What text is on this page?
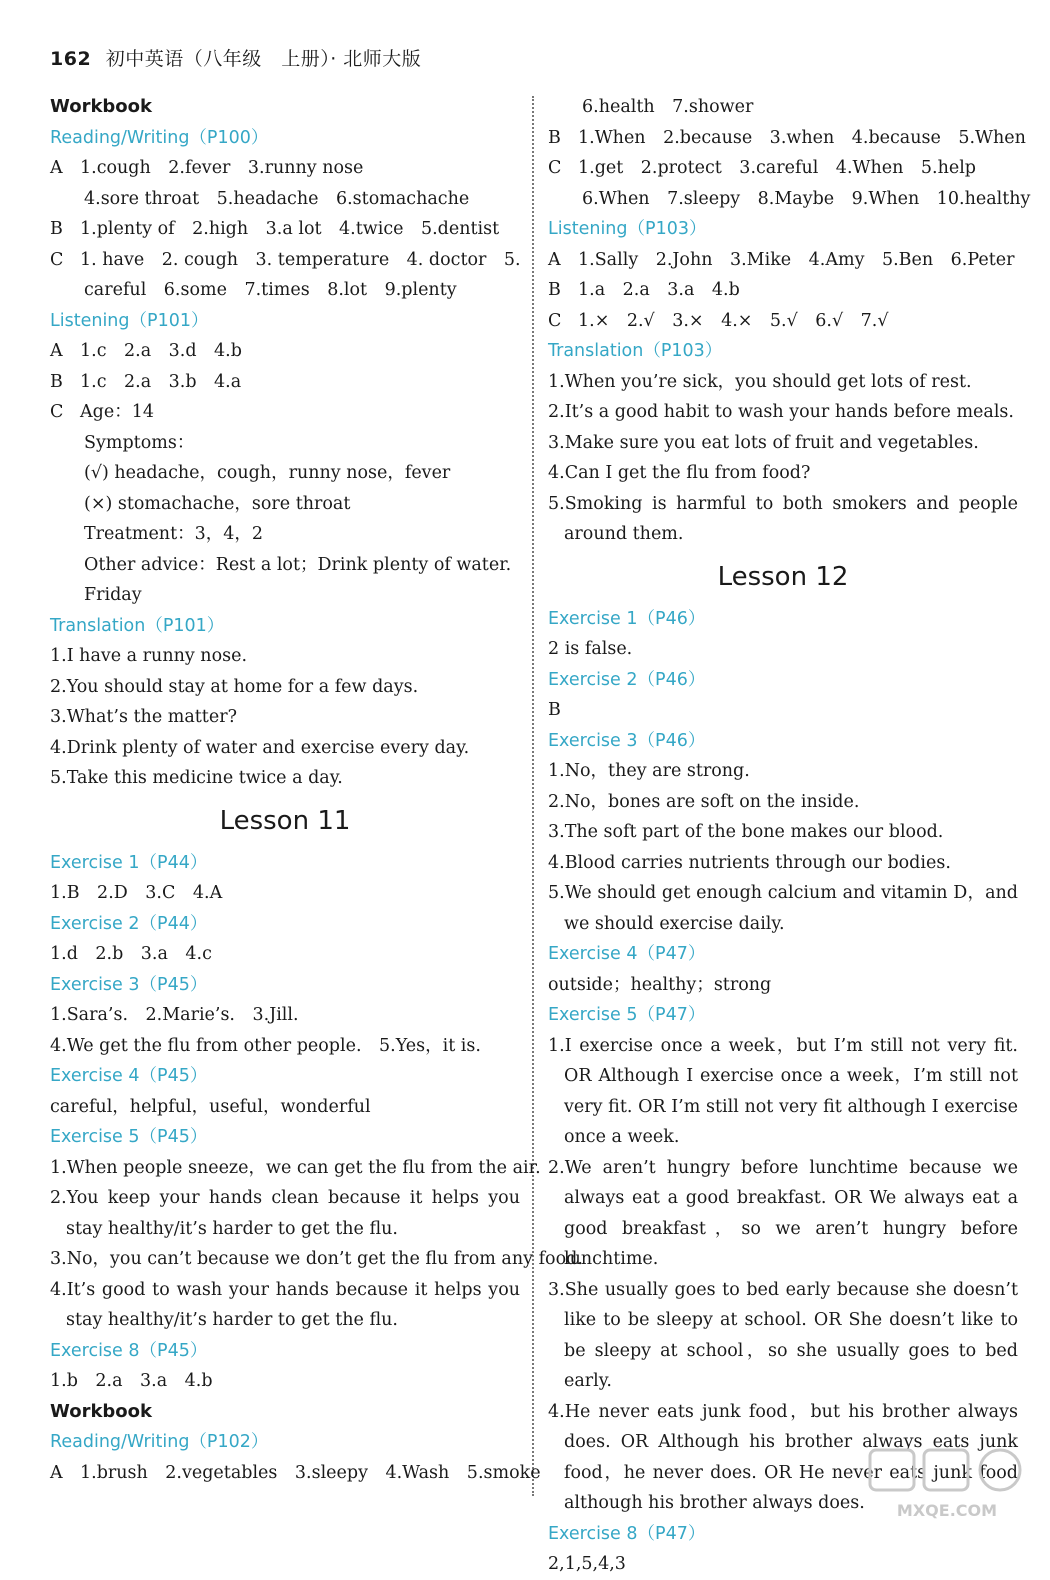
162 初中英语（八年级　上册）· 北师大版
Workbook
Reading/Writing（P100）
A 1.cough　2.fever　3.runny nose
4.sore throat　5.headache　6.stomachache
B 1.plenty of　2.high　3.a lot　4.twice　5.dentist
C 1. have　2. cough　3. temperature　4. doctor　5.
careful　6.some　7.times　8.lot　9.plenty
Listening（P101）
A 1.c　2.a　3.d　4.b
B 1.c　2.a　3.b　4.a
C Age：14
Symptoms：
(√) headache，cough，runny nose，fever
(×) stomachache，sore throat
Treatment：3，4，2
Other advice：Rest a lot；Drink plenty of water.
Friday
Translation（P101）
1.I have a runny nose.
2.You should stay at home for a few days.
3.What’s the matter?
4.Drink plenty of water and exercise every day.
5.Take this medicine twice a day.
Lesson 11
Exercise 1（P44）
1.B　2.D　3.C　4.A
Exercise 2（P44）
1.d　2.b　3.a　4.c
Exercise 3（P45）
1.Sara’s.　2.Marie’s.　3.Jill.
4.We get the flu from other people.　5.Yes，it is.
Exercise 4（P45）
careful，helpful，useful，wonderful
Exercise 5（P45）
1.When people sneeze，we can get the flu from the air.
2.You keep your hands clean because it helps you stay healthy/it’s harder to get the flu.
3.No，you can’t because we don’t get the flu from any food.
4.It’s good to wash your hands because it helps you stay healthy/it’s harder to get the flu.
Exercise 8（P45）
1.b　2.a　3.a　4.b
Workbook
Reading/Writing（P102）
A 1.brush　2.vegetables　3.sleepy　4.Wash　5.smoke
6.health　7.shower
B 1.When　2.because　3.when　4.because　5.When
C 1.get　2.protect　3.careful　4.When　5.help
6.When　7.sleepy　8.Maybe　9.When　10.healthy
Listening（P103）
A 1.Sally　2.John　3.Mike　4.Amy　5.Ben　6.Peter
B 1.a　2.a　3.a　4.b
C 1.×　2.√　3.×　4.×　5.√　6.√　7.√
Translation（P103）
1.When you’re sick，you should get lots of rest.
2.It’s a good habit to wash your hands before meals.
3.Make sure you eat lots of fruit and vegetables.
4.Can I get the flu from food?
5.Smoking is harmful to both smokers and people around them.
Lesson 12
Exercise 1（P46）
2 is false.
Exercise 2（P46）
B
Exercise 3（P46）
1.No，they are strong.
2.No，bones are soft on the inside.
3.The soft part of the bone makes our blood.
4.Blood carries nutrients through our bodies.
5.We should get enough calcium and vitamin D，and we should exercise daily.
Exercise 4（P47）
outside；healthy；strong
Exercise 5（P47）
1.I exercise once a week，but I’m still not very fit. OR Although I exercise once a week，I’m still not very fit. OR I’m still not very fit although I exercise once a week.
2.We aren’t hungry before lunchtime because we always eat a good breakfast. OR We always eat a good breakfast，so we aren’t hungry before lunchtime.
3.She usually goes to bed early because she doesn’t like to be sleepy at school. OR She doesn’t like to be sleepy at school，so she usually goes to bed early.
4.He never eats junk food，but his brother always does. OR Although his brother always eats junk food，he never does. OR He never eats junk food although his brother always does.
Exercise 8（P47）
2,1,5,4,3
MXQE.COM
